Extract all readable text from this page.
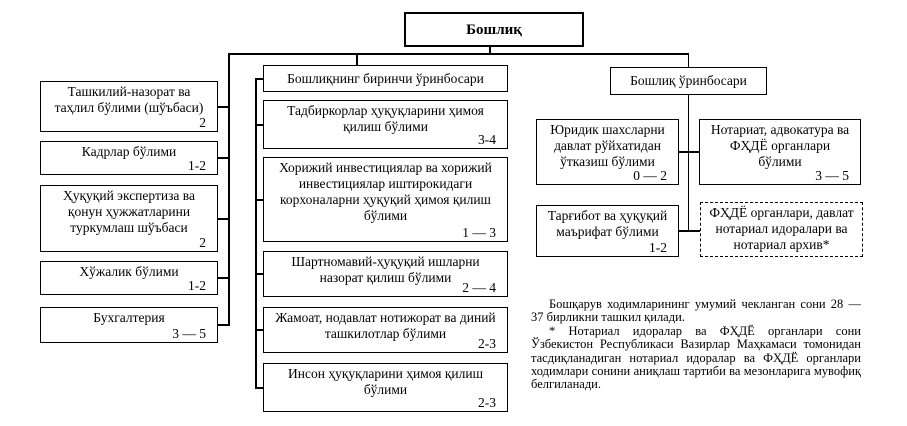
Бошлиқ
Ташкилий-назорат ва таҳлил бўлими (шўъбаси)
2
Кадрлар бўлими
1-2
Ҳуқуқий экспертиза ва қонун ҳужжатларини туркумлаш шўъбаси
2
Хўжалик бўлими
1-2
Бухгалтерия
3 — 5
Бошлиқнинг биринчи ўринбосари
Тадбиркорлар ҳуқуқларини ҳимоя қилиш бўлими
3-4
Хорижий инвестициялар ва хорижий инвестициялар иштирокидаги корхоналарни ҳуқуқий ҳимоя қилиш бўлими
1 — 3
Шартномавий-ҳуқуқий ишларни назорат қилиш бўлими
2 — 4
Жамоат, нодавлат нотижорат ва диний ташкилотлар бўлими
2-3
Инсон ҳуқуқларини ҳимоя қилиш бўлими
2-3
Бошлиқ ўринбосари
Юридик шахсларни давлат рўйхатидан ўтказиш бўлими
0 — 2
Нотариат, адвокатура ва ФҲДЁ органлари бўлими
3 — 5
Тарғибот ва ҳуқуқий маърифат бўлими
1-2
ФҲДЁ органлари, давлат нотариал идоралари ва нотариал архив*

Бошқарув ходимларининг умумий чекланган сони 28 — 37 бирликни ташкил қилади.

* Нотариал идоралар ва ФҲДЁ органлари сони Ўзбекистон Республикаси Вазирлар Маҳкамаси томонидан тасдиқланадиган нотариал идоралар ва ФҲДЁ органлари ходимлари сонини аниқлаш тартиби ва мезонларига мувофиқ белгиланади.
